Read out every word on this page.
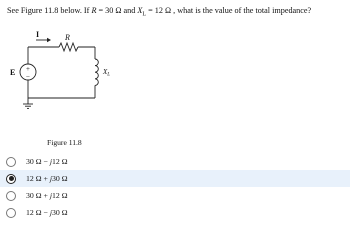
See Figure 11.8 below. If R = 30 Ω and $X_L = 12$ Ω , what is the value of the total impedance?
I	R
E +
−
$X_L$
Figure 11.8
30 Ω − j12 Ω
12 Ω + j30 Ω
30 Ω + j12 Ω
12 Ω − j30 Ω
